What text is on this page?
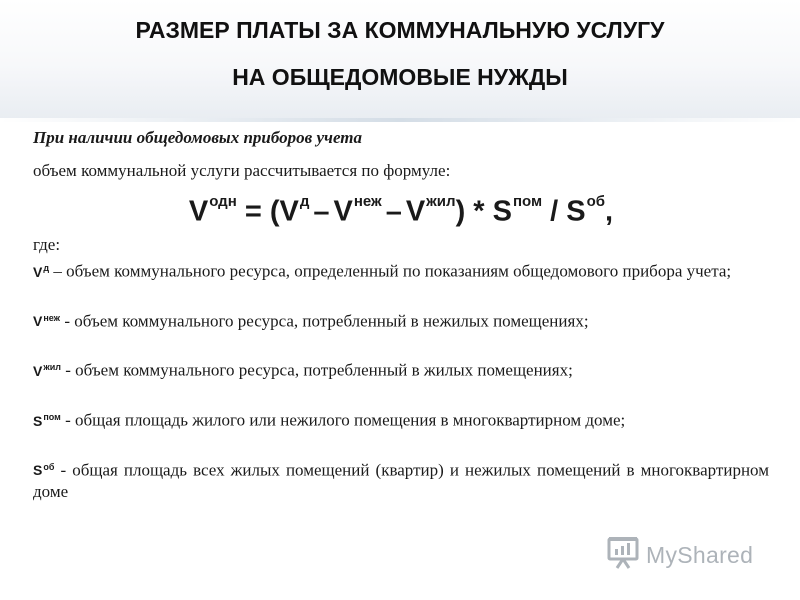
РАЗМЕР ПЛАТЫ ЗА КОММУНАЛЬНУЮ УСЛУГУ
НА ОБЩЕДОМОВЫЕ НУЖДЫ

При наличии общедомовых приборов учета

объем коммунальной услуги рассчитывается по формуле:

$V^{одн} = (V^д - V^{неж} - V^{жил}) * S^{пом} / S^{об}$,

где:

$V^д$ – объем коммунального ресурса, определенный по показаниям общедомового прибора учета;

$V^{неж}$ - объем коммунального ресурса, потребленный в нежилых помещениях;

$V^{жил}$ - объем коммунального ресурса, потребленный в жилых помещениях;

$S^{пом}$ - общая площадь жилого или нежилого помещения в многоквартирном доме;

$S^{об}$ - общая площадь всех жилых помещений (квартир) и нежилых помещений в многоквартирном доме

MyShared
